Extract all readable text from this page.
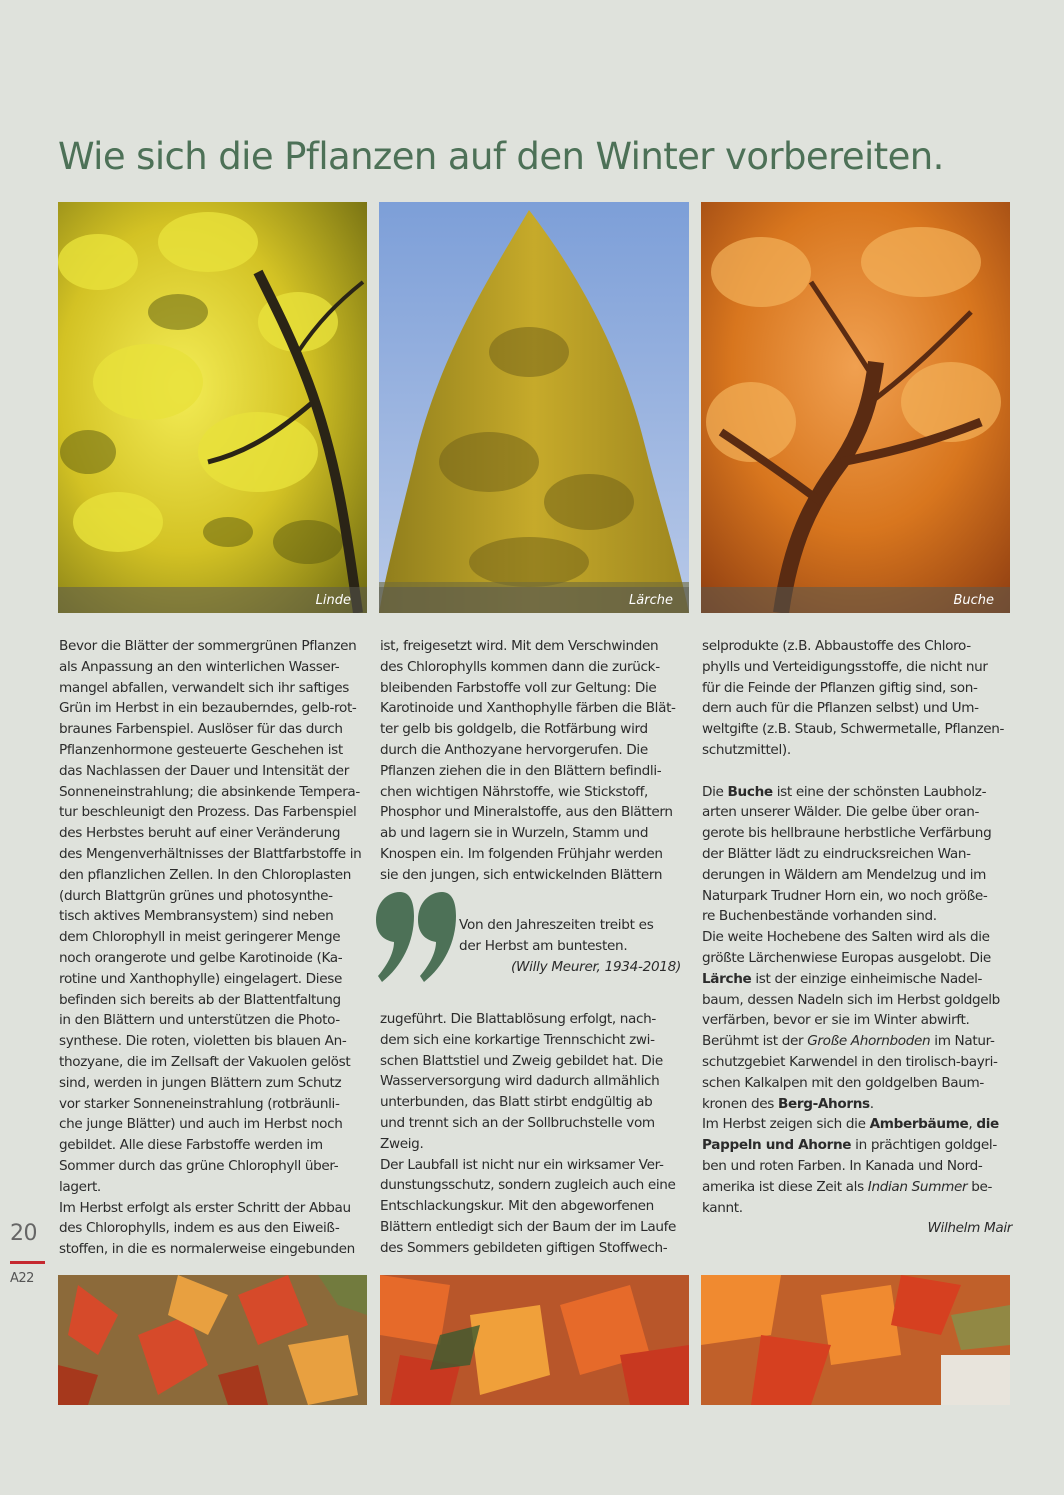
Wie sich die Pflanzen auf den Winter vorbereiten.
Linde	Lärche	Buche

Bevor die Blätter der sommergrünen Pflanzen

als Anpassung an den winterlichen Wasser-

mangel abfallen, verwandelt sich ihr saftiges

Grün im Herbst in ein bezauberndes, gelb-rot-

braunes Farbenspiel. Auslöser für das durch

Pflanzenhormone gesteuerte Geschehen ist

das Nachlassen der Dauer und Intensität der

Sonneneinstrahlung; die absinkende Tempera-

tur beschleunigt den Prozess. Das Farbenspiel

des Herbstes beruht auf einer Veränderung

des Mengenverhältnisses der Blattfarbstoffe in

den pflanzlichen Zellen. In den Chloroplasten

(durch Blattgrün grünes und photosynthe-

tisch aktives Membransystem) sind neben

dem Chlorophyll in meist geringerer Menge

noch orangerote und gelbe Karotinoide (Ka-

rotine und Xanthophylle) eingelagert. Diese

befinden sich bereits ab der Blattentfaltung

in den Blättern und unterstützen die Photo-

synthese. Die roten, violetten bis blauen An-

thozyane, die im Zellsaft der Vakuolen gelöst

sind, werden in jungen Blättern zum Schutz

vor starker Sonneneinstrahlung (rotbräunli-

che junge Blätter) und auch im Herbst noch

gebildet. Alle diese Farbstoffe werden im

Sommer durch das grüne Chlorophyll über-

lagert.

Im Herbst erfolgt als erster Schritt der Abbau

des Chlorophylls, indem es aus den Eiweiß-

stoffen, in die es normalerweise eingebunden

ist, freigesetzt wird. Mit dem Verschwinden

des Chlorophylls kommen dann die zurück-

bleibenden Farbstoffe voll zur Geltung: Die

Karotinoide und Xanthophylle färben die Blät-

ter gelb bis goldgelb, die Rotfärbung wird

durch die Anthozyane hervorgerufen. Die

Pflanzen ziehen die in den Blättern befindli-

chen wichtigen Nährstoffe, wie Stickstoff,

Phosphor und Mineralstoffe, aus den Blättern

ab und lagern sie in Wurzeln, Stamm und

Knospen ein. Im folgenden Frühjahr werden

sie den jungen, sich entwickelnden Blättern

Von den Jahreszeiten treibt es
der Herbst am buntesten.
(Willy Meurer, 1934-2018)

zugeführt. Die Blattablösung erfolgt, nach-

dem sich eine korkartige Trennschicht zwi-

schen Blattstiel und Zweig gebildet hat. Die

Wasserversorgung wird dadurch allmählich

unterbunden, das Blatt stirbt endgültig ab

und trennt sich an der Sollbruchstelle vom

Zweig.

Der Laubfall ist nicht nur ein wirksamer Ver-

dunstungsschutz, sondern zugleich auch eine

Entschlackungskur. Mit den abgeworfenen

Blättern entledigt sich der Baum der im Laufe

des Sommers gebildeten giftigen Stoffwech-

selprodukte (z.B. Abbaustoffe des Chloro-

phylls und Verteidigungsstoffe, die nicht nur

für die Feinde der Pflanzen giftig sind, son-

dern auch für die Pflanzen selbst) und Um-

weltgifte (z.B. Staub, Schwermetalle, Pflanzen-

schutzmittel).

Die Buche ist eine der schönsten Laubholz-

arten unserer Wälder. Die gelbe über oran-

gerote bis hellbraune herbstliche Verfärbung

der Blätter lädt zu eindrucksreichen Wan-

derungen in Wäldern am Mendelzug und im

Naturpark Trudner Horn ein, wo noch größe-

re Buchenbestände vorhanden sind.

Die weite Hochebene des Salten wird als die

größte Lärchenwiese Europas ausgelobt. Die

Lärche ist der einzige einheimische Nadel-

baum, dessen Nadeln sich im Herbst goldgelb

verfärben, bevor er sie im Winter abwirft.

Berühmt ist der Große Ahornboden im Natur-

schutzgebiet Karwendel in den tirolisch-bayri-

schen Kalkalpen mit den goldgelben Baum-

kronen des Berg-Ahorns.

Im Herbst zeigen sich die Amberbäume, die

Pappeln und Ahorne in prächtigen goldgel-

ben und roten Farben. In Kanada und Nord-

amerika ist diese Zeit als Indian Summer be-

kannt.

Wilhelm Mair

20
A22
